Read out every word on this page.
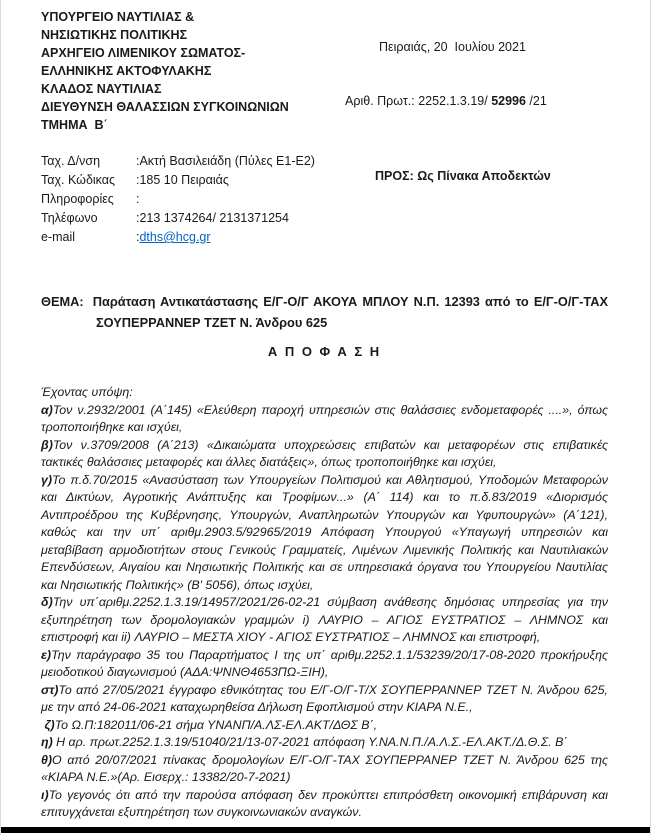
Πειραιάς, 20  Ιουλίου 2021
Αριθ. Πρωτ.: 2252.1.3.19/ 52996 /21
ΠΡΟΣ: Ως Πίνακα Αποδεκτών

ΥΠΟΥΡΓΕΙΟ ΝΑΥΤΙΛΙΑΣ &

ΝΗΣΙΩΤΙΚΗΣ ΠΟΛΙΤΙΚΗΣ

ΑΡΧΗΓΕΙΟ ΛΙΜΕΝΙΚΟΥ ΣΩΜΑΤΟΣ-

ΕΛΛΗΝΙΚΗΣ ΑΚΤΟΦΥΛΑΚΗΣ

ΚΛΑΔΟΣ ΝΑΥΤΙΛΙΑΣ

ΔΙΕΥΘΥΝΣΗ ΘΑΛΑΣΣΙΩΝ ΣΥΓΚΟΙΝΩΝΙΩΝ

ΤΜΗΜΑ  Β΄

Ταχ. Δ/νση	:Ακτή Βασιλειάδη (Πύλες Ε1-Ε2)
Ταχ. Κώδικας	:185 10 Πειραιάς
Πληροφορίες	:
Τηλέφωνο	:213 1374264/ 2131371254
e-mail	: dths@hcg.gr

ΘΕΜΑ: Παράταση Αντικατάστασης Ε/Γ-Ο/Γ ΑΚΟΥΑ ΜΠΛΟΥ Ν.Π. 12393 από το Ε/Γ-Ο/Γ-ΤΑΧ ΣΟΥΠΕΡΡΑΝΝΕΡ ΤΖΕΤ Ν. Άνδρου 625

Α Π Ο Φ Α Σ Η

Έχοντας υπόψη:

α)Τον ν.2932/2001 (Α΄145) «Ελεύθερη παροχή υπηρεσιών στις θαλάσσιες ενδομεταφορές ....», όπως τροποποιήθηκε και ισχύει,

β)Τον ν.3709/2008 (Α΄213) «Δικαιώματα υποχρεώσεις επιβατών και μεταφορέων στις επιβατικές τακτικές θαλάσσιες μεταφορές και άλλες διατάξεις», όπως τροποποιήθηκε και ισχύει,

γ)Το π.δ.70/2015 «Ανασύσταση των Υπουργείων Πολιτισμού και Αθλητισμού, Υποδομών Μεταφορών και Δικτύων, Αγροτικής Ανάπτυξης και Τροφίμων...» (Α΄ 114) και το π.δ.83/2019 «Διορισμός Αντιπροέδρου της Κυβέρνησης, Υπουργών, Αναπληρωτών Υπουργών και Υφυπουργών» (Α΄121), καθώς και την υπ΄ αριθμ.2903.5/92965/2019 Απόφαση Υπουργού «Υπαγωγή υπηρεσιών και μεταβίβαση αρμοδιοτήτων στους Γενικούς Γραμματείς, Λιμένων Λιμενικής Πολιτικής και Ναυτιλιακών Επενδύσεων, Αιγαίου και Νησιωτικής Πολιτικής και σε υπηρεσιακά όργανα του Υπουργείου Ναυτιλίας και Νησιωτικής Πολιτικής» (Β' 5056), όπως ισχύει,

δ)Την υπ΄αριθμ.2252.1.3.19/14957/2021/26-02-21 σύμβαση ανάθεσης δημόσιας υπηρεσίας για την εξυπηρέτηση των δρομολογιακών γραμμών i) ΛΑΥΡΙΟ – ΑΓΙΟΣ ΕΥΣΤΡΑΤΙΟΣ – ΛΗΜΝΟΣ και επιστροφή και ii) ΛΑΥΡΙΟ – ΜΕΣΤΑ ΧΙΟΥ - ΑΓΙΟΣ ΕΥΣΤΡΑΤΙΟΣ – ΛΗΜΝΟΣ και επιστροφή,

ε)Την παράγραφο 35 του Παραρτήματος Ι της υπ΄ αριθμ.2252.1.1/53239/20/17-08-2020 προκήρυξης μειοδοτικού διαγωνισμού (ΑΔΑ:ΨΝΝΘ4653ΠΩ-ΞΙΗ),

στ)Το από 27/05/2021 έγγραφο εθνικότητας του Ε/Γ-Ο/Γ-Τ/Χ ΣΟΥΠΕΡΡΑΝΝΕΡ ΤΖΕΤ Ν. Άνδρου 625, με την από 24-06-2021 καταχωρηθείσα Δήλωση Εφοπλισμού στην ΚΙΑΡΑ Ν.Ε.,

ζ)Το Ω.Π:182011/06-21 σήμα ΥΝΑΝΠ/Α.ΛΣ-ΕΛ.ΑΚΤ/ΔΘΣ Β΄,

η) Η αρ. πρωτ.2252.1.3.19/51040/21/13-07-2021 απόφαση Υ.ΝΑ.Ν.Π./Α.Λ.Σ.-ΕΛ.ΑΚΤ./Δ.Θ.Σ. Β΄

θ)Ο από 20/07/2021 πίνακας δρομολογίων Ε/Γ-Ο/Γ-ΤΑΧ ΣΟΥΠΕΡΡΑΝΕΡ ΤΖΕΤ Ν. Άνδρου 625 της «ΚΙΑΡΑ Ν.Ε.»(Αρ. Εισερχ.: 13382/20-7-2021)

ι)Το γεγονός ότι από την παρούσα απόφαση δεν προκύπτει επιπρόσθετη οικονομική επιβάρυνση και επιτυγχάνεται εξυπηρέτηση των συγκοινωνιακών αναγκών.
